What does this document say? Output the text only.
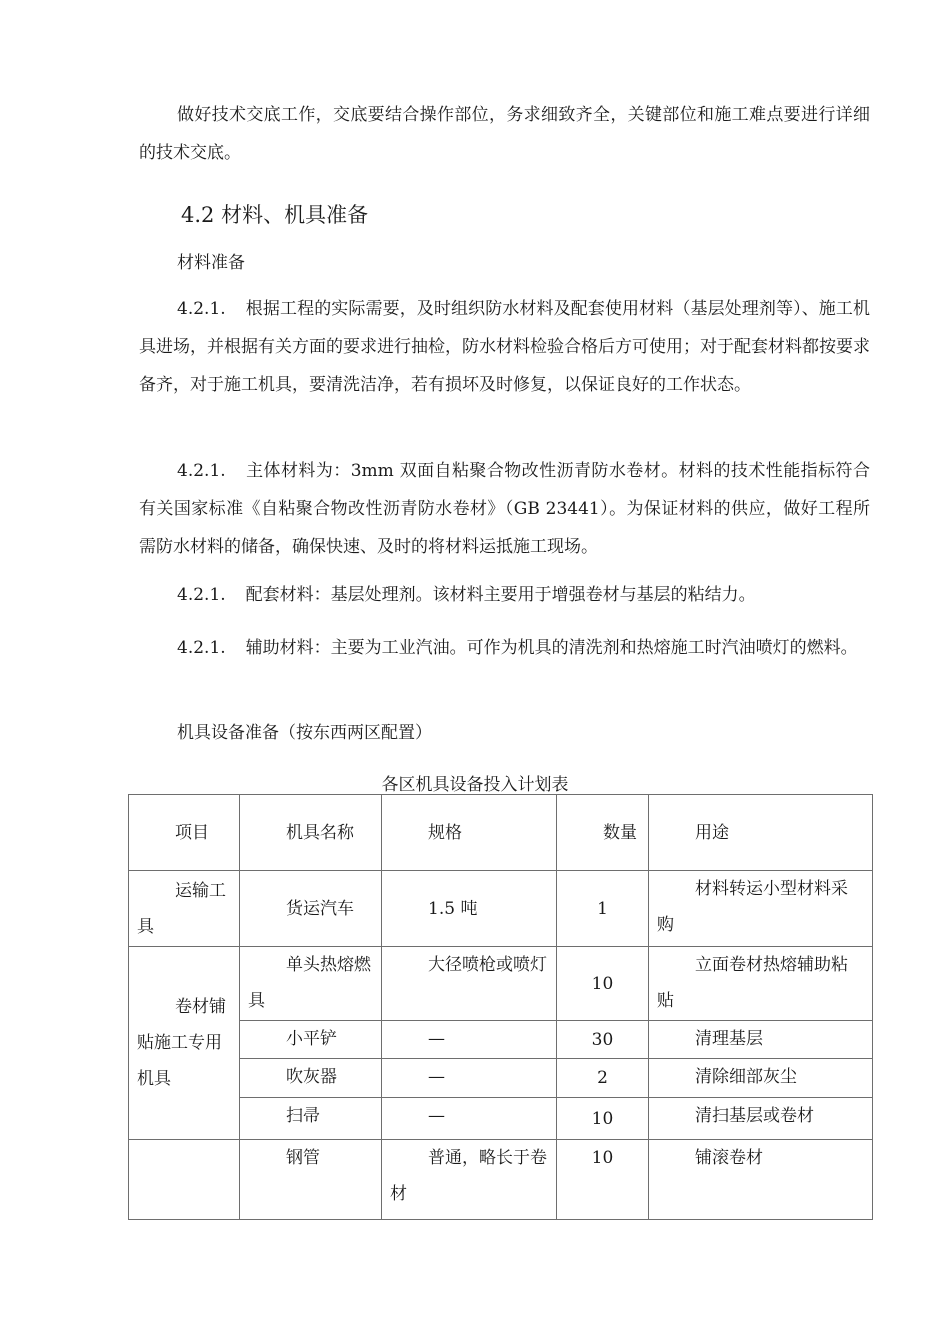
做好技术交底工作，交底要结合操作部位，务求细致齐全，关键部位和施工难点要进行详细的技术交底。

4.2 材料、机具准备
材料准备

4.2.1. 根据工程的实际需要，及时组织防水材料及配套使用材料（基层处理剂等）、施工机具进场，并根据有关方面的要求进行抽检，防水材料检验合格后方可使用；对于配套材料都按要求备齐，对于施工机具，要清洗洁净，若有损坏及时修复，以保证良好的工作状态。

4.2.1. 主体材料为：3mm 双面自粘聚合物改性沥青防水卷材。材料的技术性能指标符合有关国家标准《自粘聚合物改性沥青防水卷材》（GB 23441）。为保证材料的供应，做好工程所需防水材料的储备，确保快速、及时的将材料运抵施工现场。

4.2.1. 配套材料：基层处理剂。该材料主要用于增强卷材与基层的粘结力。

4.2.1. 辅助材料：主要为工业汽油。可作为机具的清洗剂和热熔施工时汽油喷灯的燃料。

机具设备准备（按东西两区配置）
各区机具设备投入计划表
项目	机具名称	规格	数量	用途
运输工具	货运汽车	1.5 吨	1	材料转运小型材料采购
卷材铺贴施工专用机具	单头热熔燃具	大径喷枪或喷灯	10	立面卷材热熔辅助粘贴
	小平铲	—	30	清理基层
	吹灰器	—	2	清除细部灰尘
	扫帚	—	10	清扫基层或卷材
	钢管	普通，略长于卷材	10	铺滚卷材
